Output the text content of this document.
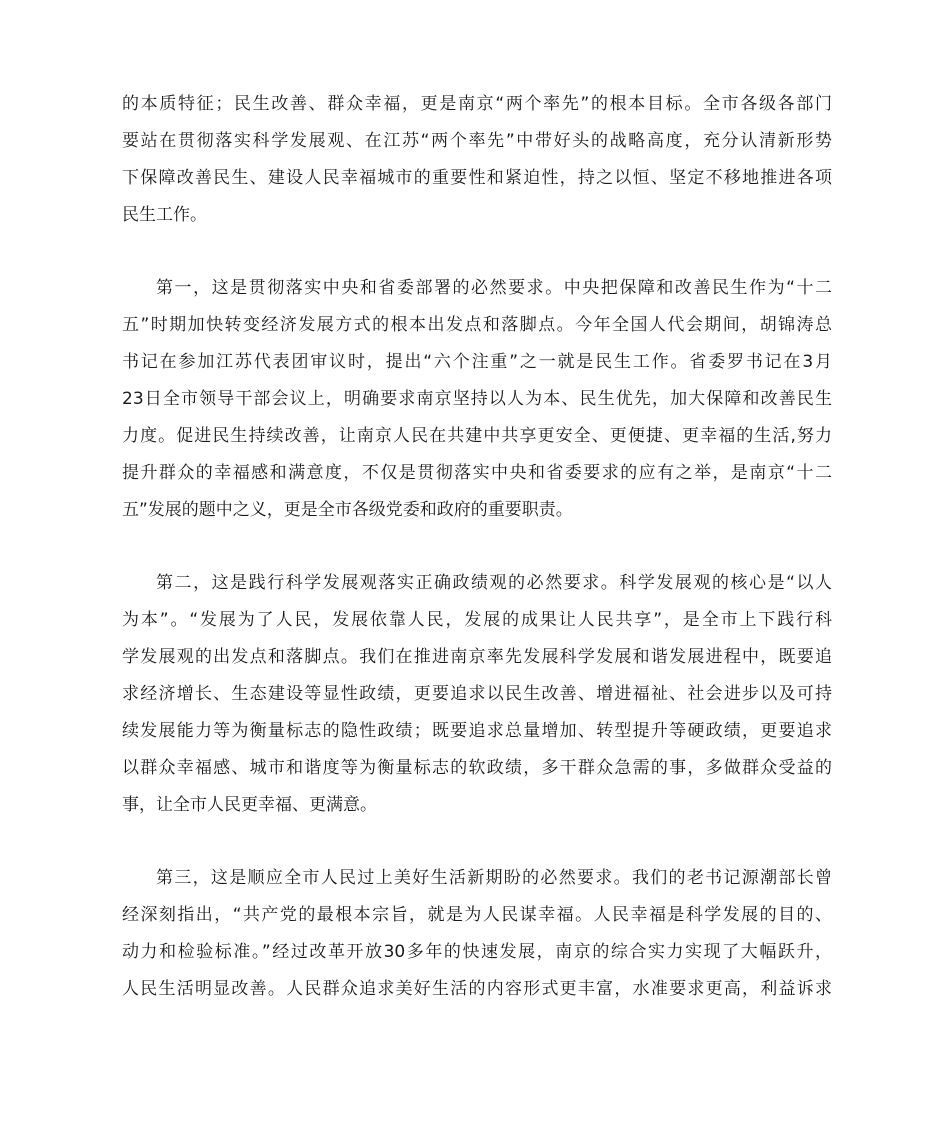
的本质特征；民生改善、群众幸福，更是南京“两个率先”的根本目标。全市各级各部门
要站在贯彻落实科学发展观、在江苏“两个率先”中带好头的战略高度，充分认清新形势
下保障改善民生、建设人民幸福城市的重要性和紧迫性，持之以恒、坚定不移地推进各项
民生工作。
第一，这是贯彻落实中央和省委部署的必然要求。中央把保障和改善民生作为“十二
五”时期加快转变经济发展方式的根本出发点和落脚点。今年全国人代会期间，胡锦涛总
书记在参加江苏代表团审议时，提出“六个注重”之一就是民生工作。省委罗书记在3月
23日全市领导干部会议上，明确要求南京坚持以人为本、民生优先，加大保障和改善民生
力度。促进民生持续改善，让南京人民在共建中共享更安全、更便捷、更幸福的生活,努力
提升群众的幸福感和满意度，不仅是贯彻落实中央和省委要求的应有之举，是南京“十二
五”发展的题中之义，更是全市各级党委和政府的重要职责。
第二，这是践行科学发展观落实正确政绩观的必然要求。科学发展观的核心是“以人
为本”。“发展为了人民，发展依靠人民，发展的成果让人民共享”，是全市上下践行科
学发展观的出发点和落脚点。我们在推进南京率先发展科学发展和谐发展进程中，既要追
求经济增长、生态建设等显性政绩，更要追求以民生改善、增进福祉、社会进步以及可持
续发展能力等为衡量标志的隐性政绩；既要追求总量增加、转型提升等硬政绩，更要追求
以群众幸福感、城市和谐度等为衡量标志的软政绩，多干群众急需的事，多做群众受益的
事，让全市人民更幸福、更满意。
第三，这是顺应全市人民过上美好生活新期盼的必然要求。我们的老书记源潮部长曾
经深刻指出，“共产党的最根本宗旨，就是为人民谋幸福。人民幸福是科学发展的目的、
动力和检验标准。”经过改革开放30多年的快速发展，南京的综合实力实现了大幅跃升，
人民生活明显改善。人民群众追求美好生活的内容形式更丰富，水准要求更高，利益诉求
